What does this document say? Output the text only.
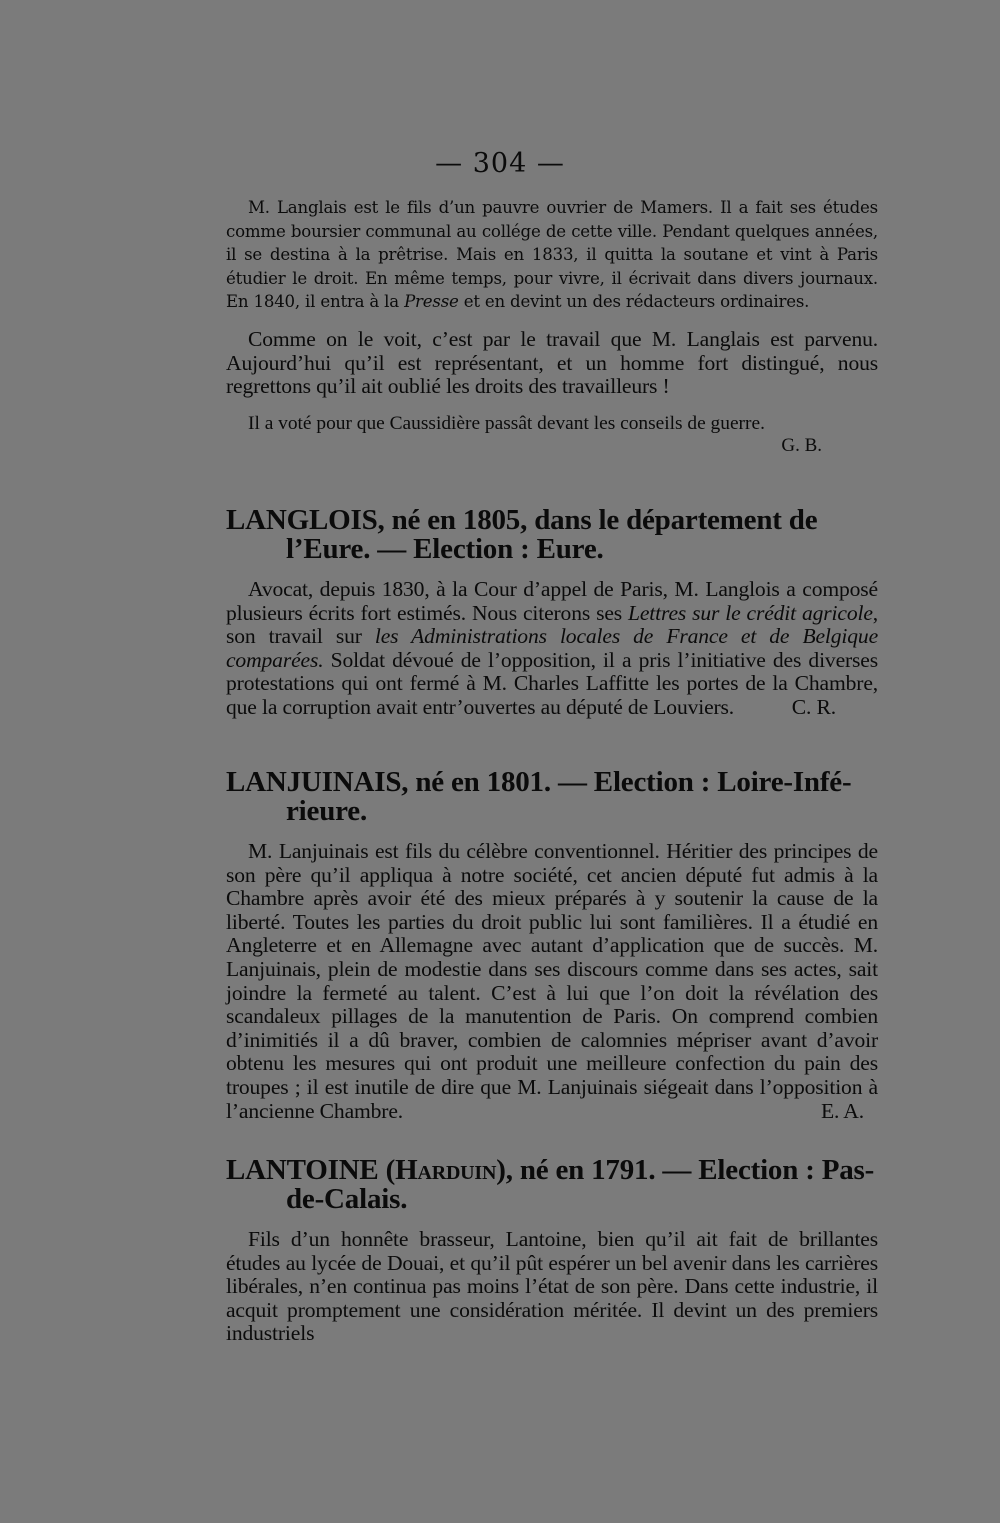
— 304 —

M. Langlais est le fils d’un pauvre ouvrier de Mamers. Il a fait ses études comme boursier communal au collége de cette ville. Pendant quelques années, il se destina à la prêtrise. Mais en 1833, il quitta la soutane et vint à Paris étudier le droit. En même temps, pour vivre, il écrivait dans divers journaux. En 1840, il entra à la Presse et en devint un des rédacteurs ordinaires.

Comme on le voit, c’est par le travail que M. Langlais est parvenu. Aujourd’hui qu’il est représentant, et un homme fort distingué, nous regrettons qu’il ait oublié les droits des travailleurs !

Il a voté pour que Caussidière passât devant les conseils de guerre.

G. B.
LANGLOIS, né en 1805, dans le département de
l’Eure. — Election : Eure.

Avocat, depuis 1830, à la Cour d’appel de Paris, M. Langlois a composé plusieurs écrits fort estimés. Nous citerons ses Lettres sur le crédit agricole, son travail sur les Administrations locales de France et de Belgique comparées. Soldat dévoué de l’opposition, il a pris l’initiative des diverses protestations qui ont fermé à M. Charles Laffitte les portes de la Chambre, que la corruption avait entr’ouvertes au député de Louviers.	C. R.

LANJUINAIS, né en 1801. — Election : Loire-Infé-
rieure.

M. Lanjuinais est fils du célèbre conventionnel. Héritier des principes de son père qu’il appliqua à notre société, cet ancien député fut admis à la Chambre après avoir été des mieux préparés à y soutenir la cause de la liberté. Toutes les parties du droit public lui sont familières. Il a étudié en Angleterre et en Allemagne avec autant d’application que de succès. M. Lanjuinais, plein de modestie dans ses discours comme dans ses actes, sait joindre la fermeté au talent. C’est à lui que l’on doit la révélation des scandaleux pillages de la manutention de Paris. On comprend combien d’inimitiés il a dû braver, combien de calomnies mépriser avant d’avoir obtenu les mesures qui ont produit une meilleure confection du pain des troupes ; il est inutile de dire que M. Lanjuinais siégeait dans l’opposition à l’ancienne Chambre.	E. A.

LANTOINE (Harduin), né en 1791. — Election : Pas-
de-Calais.

Fils d’un honnête brasseur, Lantoine, bien qu’il ait fait de brillantes études au lycée de Douai, et qu’il pût espérer un bel avenir dans les carrières libérales, n’en continua pas moins l’état de son père. Dans cette industrie, il acquit promptement une considération méritée. Il devint un des premiers industriels
